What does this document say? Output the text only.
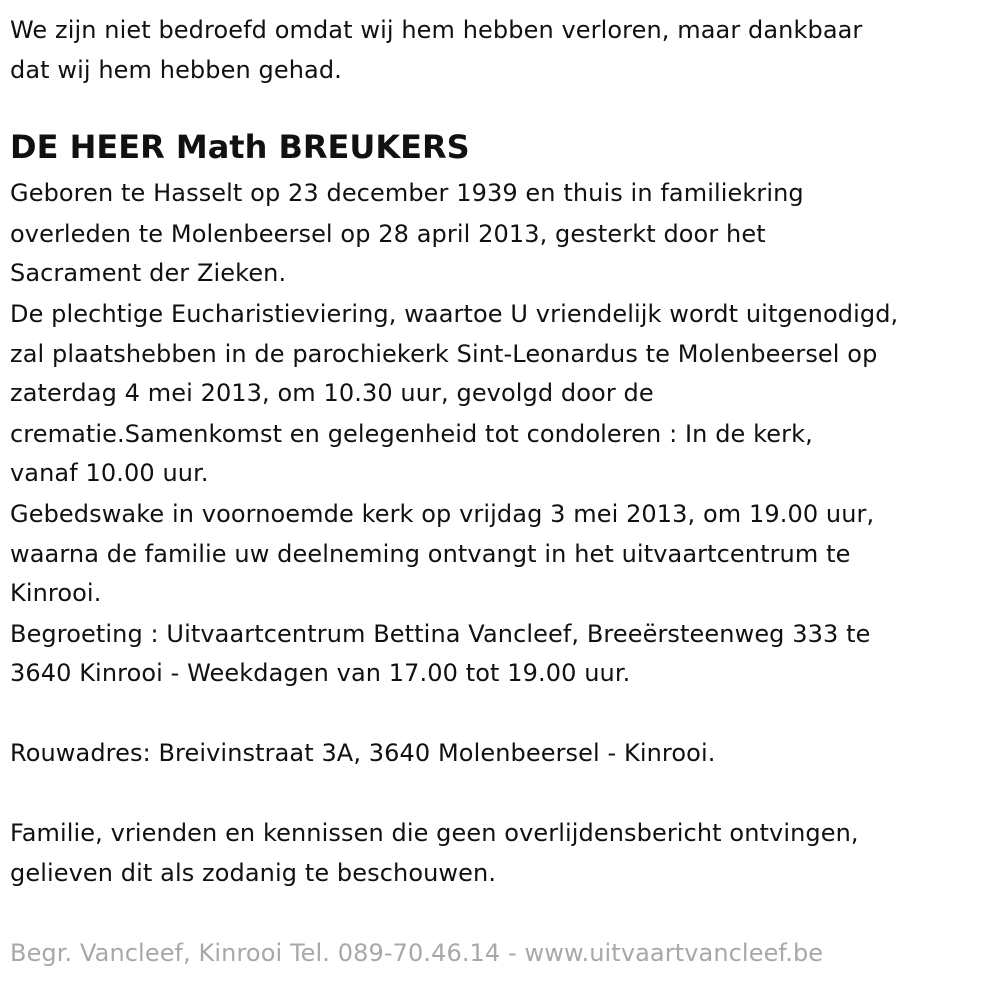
We zijn niet bedroefd omdat wij hem hebben verloren, maar dankbaar
dat wij hem hebben gehad.
DE HEER Math BREUKERS
Geboren te Hasselt op 23 december 1939 en thuis in familiekring
overleden te Molenbeersel op 28 april 2013, gesterkt door het
Sacrament der Zieken.
De plechtige Eucharistieviering, waartoe U vriendelijk wordt uitgenodigd,
zal plaatshebben in de parochiekerk Sint-Leonardus te Molenbeersel op
zaterdag 4 mei 2013, om 10.30 uur, gevolgd door de
crematie.Samenkomst en gelegenheid tot condoleren : In de kerk,
vanaf 10.00 uur.
Gebedswake in voornoemde kerk op vrijdag 3 mei 2013, om 19.00 uur,
waarna de familie uw deelneming ontvangt in het uitvaartcentrum te
Kinrooi.
Begroeting : Uitvaartcentrum Bettina Vancleef, Breeërsteenweg 333 te
3640 Kinrooi - Weekdagen van 17.00 tot 19.00 uur.
Rouwadres: Breivinstraat 3A, 3640 Molenbeersel - Kinrooi.
Familie, vrienden en kennissen die geen overlijdensbericht ontvingen,
gelieven dit als zodanig te beschouwen.
Begr. Vancleef, Kinrooi Tel. 089-70.46.14 - www.uitvaartvancleef.be
